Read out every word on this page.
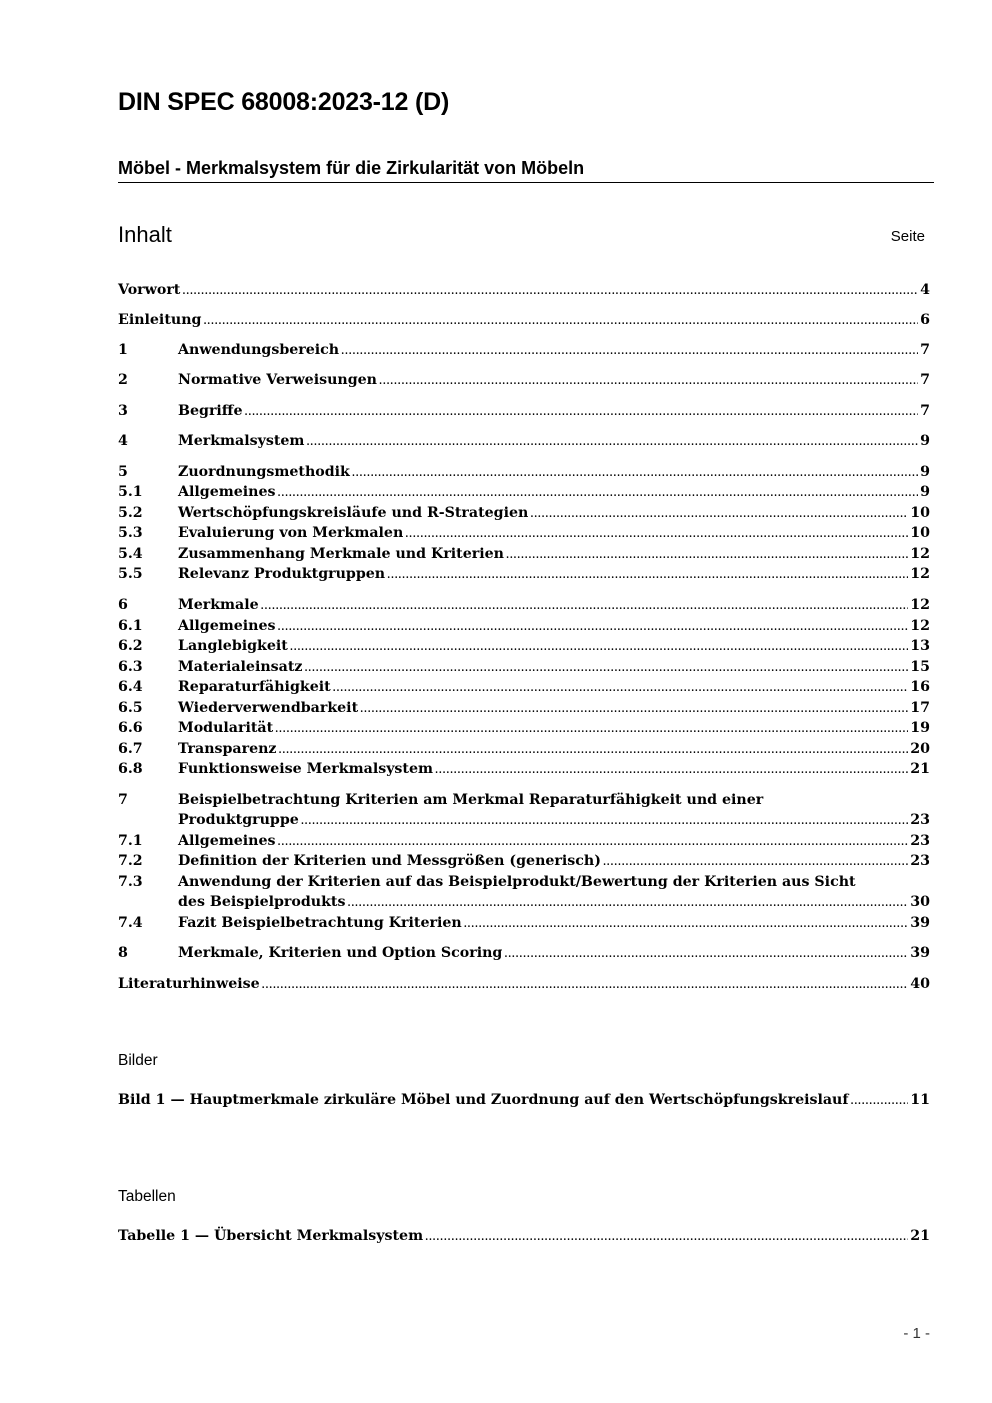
DIN SPEC 68008:2023-12 (D)
Möbel - Merkmalsystem für die Zirkularität von Möbeln
Inhalt	Seite
Vorwort .....	4
Einleitung .....	6
1	Anwendungsbereich .....	7
2	Normative Verweisungen .....	7
3	Begriffe .....	7
4	Merkmalsystem .....	9
5	Zuordnungsmethodik .....	9
5.1	Allgemeines .....	9
5.2	Wertschöpfungskreisläufe und R-Strategien .....	10
5.3	Evaluierung von Merkmalen .....	10
5.4	Zusammenhang Merkmale und Kriterien .....	12
5.5	Relevanz Produktgruppen .....	12
6	Merkmale .....	12
6.1	Allgemeines .....	12
6.2	Langlebigkeit .....	13
6.3	Materialeinsatz .....	15
6.4	Reparaturfähigkeit .....	16
6.5	Wiederverwendbarkeit .....	17
6.6	Modularität .....	19
6.7	Transparenz .....	20
6.8	Funktionsweise Merkmalsystem .....	21
7	Beispielbetrachtung Kriterien am Merkmal Reparaturfähigkeit und einer
Produktgruppe .....	23
7.1	Allgemeines .....	23
7.2	Definition der Kriterien und Messgrößen (generisch) .....	23
7.3	Anwendung der Kriterien auf das Beispielprodukt/Bewertung der Kriterien aus Sicht
des Beispielprodukts .....	30
7.4	Fazit Beispielbetrachtung Kriterien .....	39
8	Merkmale, Kriterien und Option Scoring .....	39
Literaturhinweise .....	40
Bilder
Bild 1 — Hauptmerkmale zirkuläre Möbel und Zuordnung auf den Wertschöpfungskreislauf .....	11
Tabellen
Tabelle 1 — Übersicht Merkmalsystem .....	21
- 1 -
